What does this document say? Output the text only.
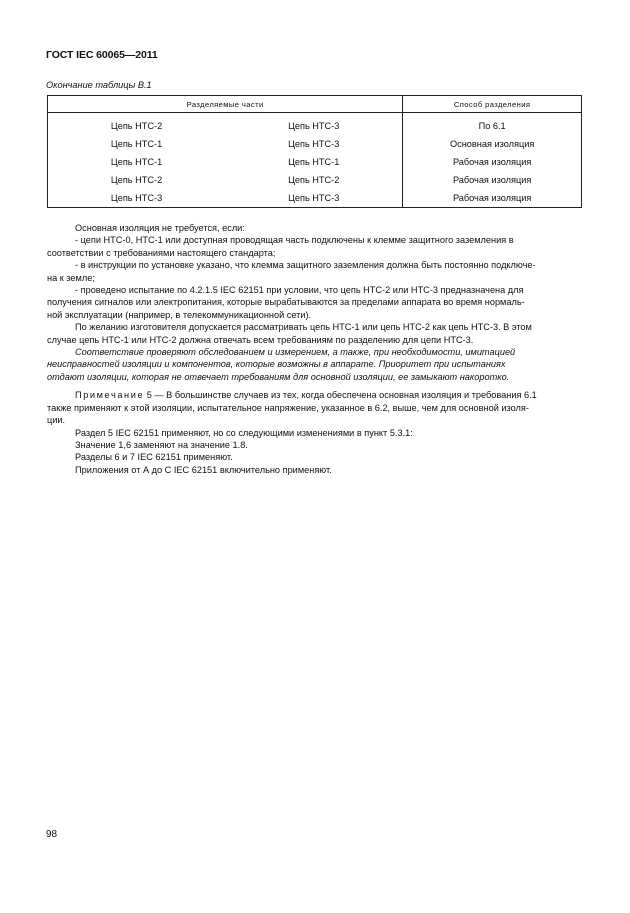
ГОСТ IEC 60065—2011
Окончание таблицы В.1
Разделяемые части		Способ разделения

Цепь НТС-2	Цепь НТС-3	По 6.1
Цепь НТС-1	Цепь НТС-3	Основная изоляция
Цепь НТС-1	Цепь НТС-1	Рабочая изоляция
Цепь НТС-2	Цепь НТС-2	Рабочая изоляция
Цепь НТС-3	Цепь НТС-3	Рабочая изоляция

Основная изоляция не требуется, если:

- цепи НТС-0, НТС-1 или доступная проводящая часть подключены к клемме защитного заземления в

соответствии с требованиями настоящего стандарта;

- в инструкции по установке указано, что клемма защитного заземления должна быть постоянно подключе-

на к земле;

- проведено испытание по 4.2.1.5 IEC 62151 при условии, что цепь НТС-2 или НТС-3 предназначена для

получения сигналов или электропитания, которые вырабатываются за пределами аппарата во время нормаль-

ной эксплуатации (например, в телекоммуникационной сети).

По желанию изготовителя допускается рассматривать цепь НТС-1 или цепь НТС-2 как цепь НТС-3. В этом

случае цепь НТС-1 или НТС-2 должна отвечать всем требованиям по разделению для цепи НТС-3.

Соответствие проверяют обследованием и измерением, а также, при необходимости, имитацией

неисправностей изоляции и компонентов, которые возможны в аппарате. Приоритет при испытаниях

отдают изоляции, которая не отвечает требованиям для основной изоляции, ее замыкают накоротко.

Примечание 5 — В большинстве случаев из тех, когда обеспечена основная изоляция и требования 6.1

также применяют к этой изоляции, испытательное напряжение, указанное в 6.2, выше, чем для основной изоля-

ции.

Раздел 5 IEC 62151 применяют, но со следующими изменениями в пункт 5.3.1:

Значение 1,6 заменяют на значение 1.8.

Разделы 6 и 7 IEC 62151 применяют.

Приложения от А до С IEC 62151 включительно применяют.

98
